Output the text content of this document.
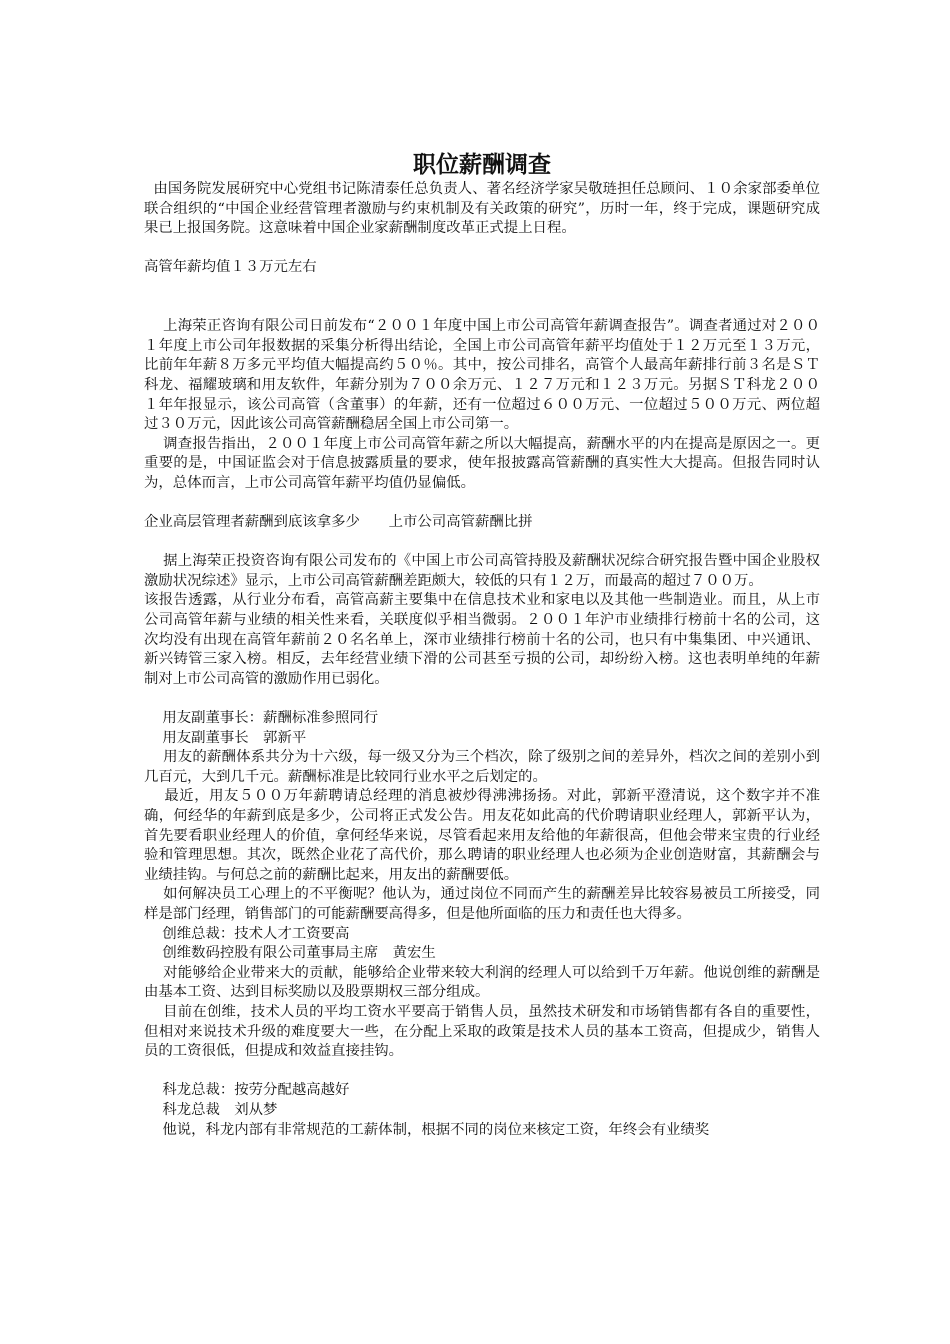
职位薪酬调查

由国务院发展研究中心党组书记陈清泰任总负责人、著名经济学家吴敬琏担任总顾问、１０余家部委单位联合组织的“中国企业经营管理者激励与约束机制及有关政策的研究”，历时一年，终于完成，课题研究成果已上报国务院。这意味着中国企业家薪酬制度改革正式提上日程。

高管年薪均值１３万元左右

上海荣正咨询有限公司日前发布“２００１年度中国上市公司高管年薪调查报告”。调查者通过对２００１年度上市公司年报数据的采集分析得出结论，全国上市公司高管年薪平均值处于１２万元至１３万元，比前年年薪８万多元平均值大幅提高约５０％。其中，按公司排名，高管个人最高年薪排行前３名是ＳＴ科龙、福耀玻璃和用友软件，年薪分别为７００余万元、１２７万元和１２３万元。另据ＳＴ科龙２００１年年报显示，该公司高管（含董事）的年薪，还有一位超过６００万元、一位超过５００万元、两位超过３０万元，因此该公司高管薪酬稳居全国上市公司第一。

调查报告指出，２００１年度上市公司高管年薪之所以大幅提高，薪酬水平的内在提高是原因之一。更重要的是，中国证监会对于信息披露质量的要求，使年报披露高管薪酬的真实性大大提高。但报告同时认为，总体而言，上市公司高管年薪平均值仍显偏低。

企业高层管理者薪酬到底该拿多少　　上市公司高管薪酬比拼

据上海荣正投资咨询有限公司发布的《中国上市公司高管持股及薪酬状况综合研究报告暨中国企业股权激励状况综述》显示，上市公司高管薪酬差距颇大，较低的只有１２万，而最高的超过７００万。

该报告透露，从行业分布看，高管高薪主要集中在信息技术业和家电以及其他一些制造业。而且，从上市公司高管年薪与业绩的相关性来看，关联度似乎相当微弱。２００１年沪市业绩排行榜前十名的公司，这次均没有出现在高管年薪前２０名名单上，深市业绩排行榜前十名的公司，也只有中集集团、中兴通讯、新兴铸管三家入榜。相反，去年经营业绩下滑的公司甚至亏损的公司，却纷纷入榜。这也表明单纯的年薪制对上市公司高管的激励作用已弱化。

用友副董事长：薪酬标准参照同行

用友副董事长　郭新平

用友的薪酬体系共分为十六级，每一级又分为三个档次，除了级别之间的差异外，档次之间的差别小到几百元，大到几千元。薪酬标准是比较同行业水平之后划定的。

最近，用友５００万年薪聘请总经理的消息被炒得沸沸扬扬。对此，郭新平澄清说，这个数字并不准确，何经华的年薪到底是多少，公司将正式发公告。用友花如此高的代价聘请职业经理人，郭新平认为，首先要看职业经理人的价值，拿何经华来说，尽管看起来用友给他的年薪很高，但他会带来宝贵的行业经验和管理思想。其次，既然企业花了高代价，那么聘请的职业经理人也必须为企业创造财富，其薪酬会与业绩挂钩。与何总之前的薪酬比起来，用友出的薪酬要低。

如何解决员工心理上的不平衡呢？他认为，通过岗位不同而产生的薪酬差异比较容易被员工所接受，同样是部门经理，销售部门的可能薪酬要高得多，但是他所面临的压力和责任也大得多。

创维总裁：技术人才工资要高

创维数码控股有限公司董事局主席　黄宏生

对能够给企业带来大的贡献，能够给企业带来较大利润的经理人可以给到千万年薪。他说创维的薪酬是由基本工资、达到目标奖励以及股票期权三部分组成。

目前在创维，技术人员的平均工资水平要高于销售人员，虽然技术研发和市场销售都有各自的重要性，但相对来说技术升级的难度要大一些，在分配上采取的政策是技术人员的基本工资高，但提成少，销售人员的工资很低，但提成和效益直接挂钩。

科龙总裁：按劳分配越高越好

科龙总裁　刘从梦

他说，科龙内部有非常规范的工薪体制，根据不同的岗位来核定工资，年终会有业绩奖
